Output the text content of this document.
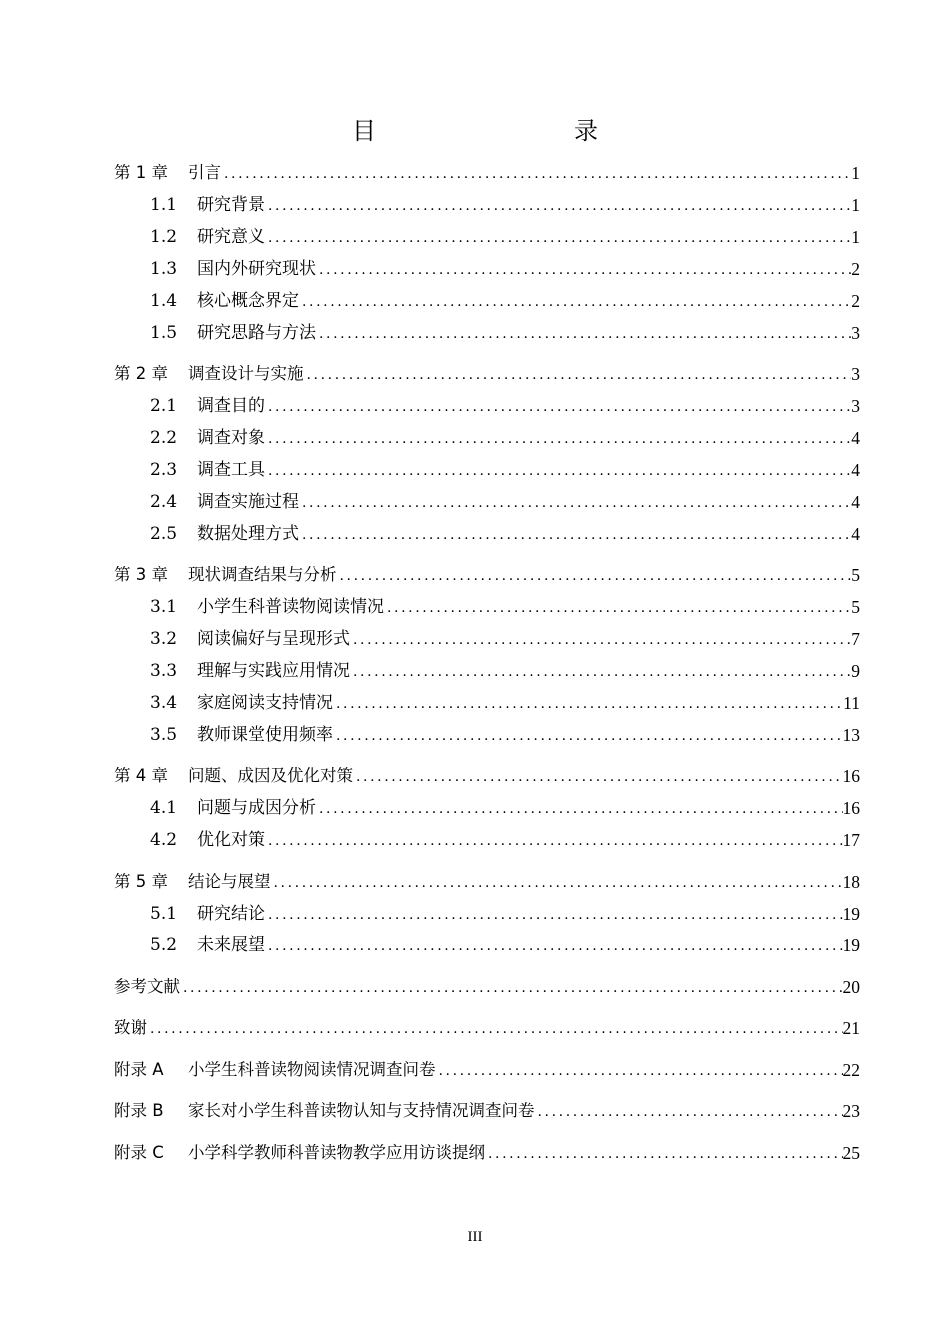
目　　录
第 1 章 引言 .....	1
1.1 研究背景 .....	1
1.2 研究意义 .....	1
1.3 国内外研究现状 .....	2
1.4 核心概念界定 .....	2
1.5 研究思路与方法 .....	3
第 2 章 调查设计与实施 .....	3
2.1 调查目的 .....	3
2.2 调查对象 .....	4
2.3 调查工具 .....	4
2.4 调查实施过程 .....	4
2.5 数据处理方式 .....	4
第 3 章 现状调查结果与分析 .....	5
3.1 小学生科普读物阅读情况 .....	5
3.2 阅读偏好与呈现形式 .....	7
3.3 理解与实践应用情况 .....	9
3.4 家庭阅读支持情况 .....	11
3.5 教师课堂使用频率 .....	13
第 4 章 问题、成因及优化对策 .....	16
4.1 问题与成因分析 .....	16
4.2 优化对策 .....	17
第 5 章 结论与展望 .....	18
5.1 研究结论 .....	19
5.2 未来展望 .....	19
参考文献 .....	20
致谢 .....	21
附录 A 小学生科普读物阅读情况调查问卷 .....	22
附录 B 家长对小学生科普读物认知与支持情况调查问卷 .....	23
附录 C 小学科学教师科普读物教学应用访谈提纲 .....	25
III
